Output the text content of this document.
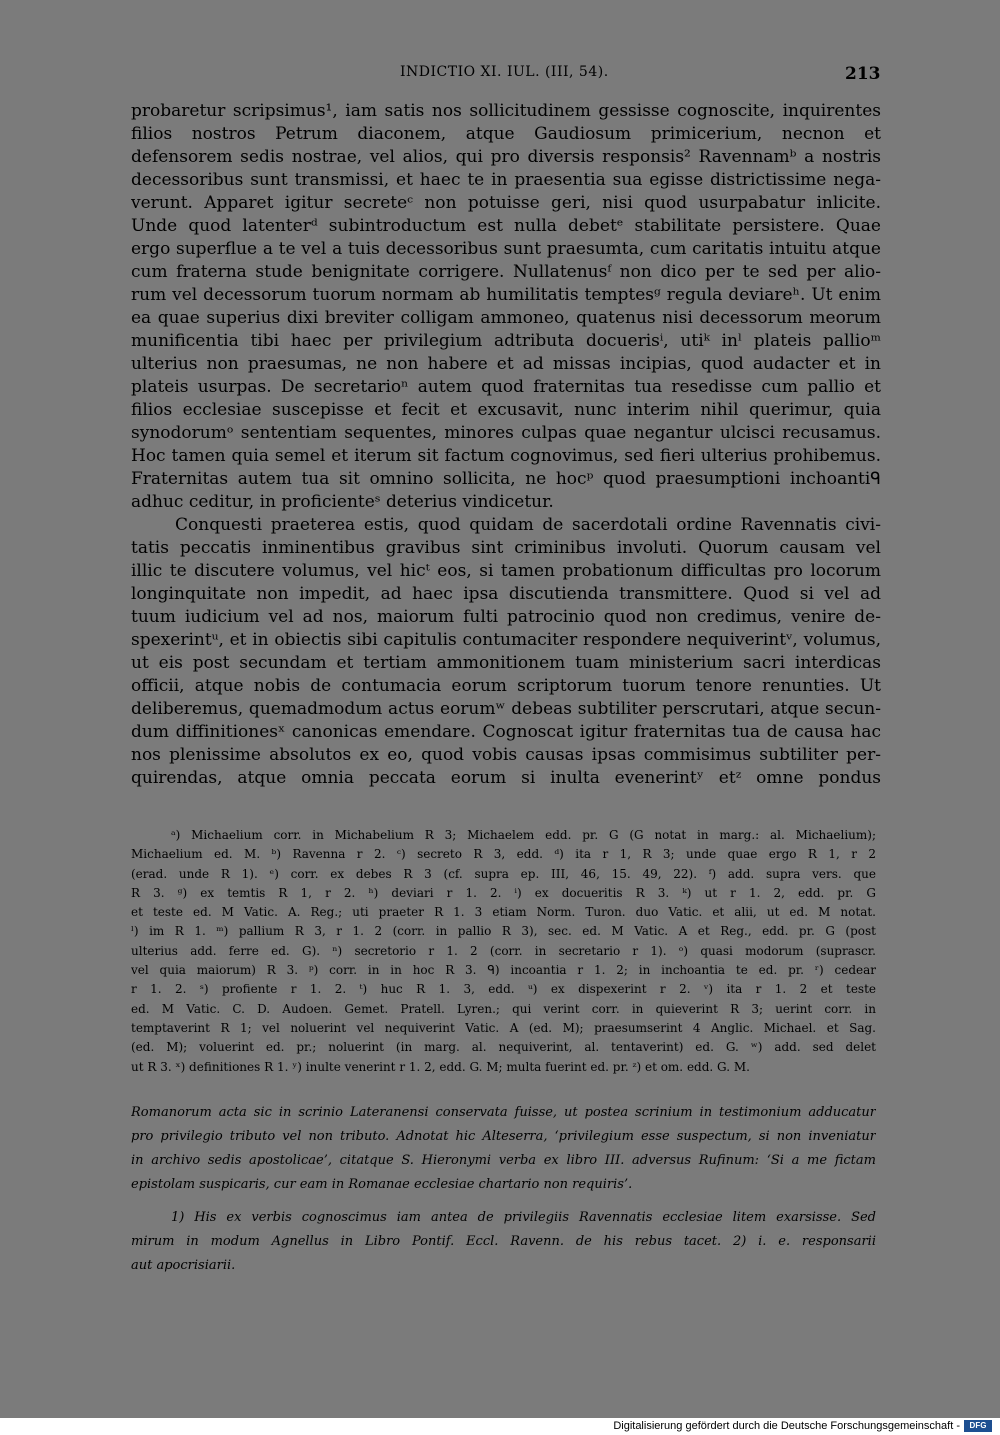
INDICTIO XI. IUL. (III, 54).	213
probaretur scripsimus¹, iam satis nos sollicitudinem gessisse cognoscite, inquirentes
filios nostros Petrum diaconem, atque Gaudiosum primicerium, necnon et
defensorem sedis nostrae, vel alios, qui pro diversis responsis² Ravennamᵇ a nostris
decessoribus sunt transmissi, et haec te in praesentia sua egisse districtissime nega-
verunt. Apparet igitur secreteᶜ non potuisse geri, nisi quod usurpabatur inlicite.
Unde quod latenterᵈ subintroductum est nulla debetᵉ stabilitate persistere. Quae
ergo superflue a te vel a tuis decessoribus sunt praesumta, cum caritatis intuitu atque
cum fraterna stude benignitate corrigere. Nullatenusᶠ non dico per te sed per alio-
rum vel decessorum tuorum normam ab humilitatis temptesᵍ regula deviareʰ. Ut enim
ea quae superius dixi breviter colligam ammoneo, quatenus nisi decessorum meorum
munificentia tibi haec per privilegium adtributa docuerisⁱ, utiᵏ inˡ plateis pallioᵐ
ulterius non praesumas, ne non habere et ad missas incipias, quod audacter et in
plateis usurpas. De secretarioⁿ autem quod fraternitas tua resedisse cum pallio et
filios ecclesiae suscepisse et fecit et excusavit, nunc interim nihil querimur, quia
synodorumᵒ sententiam sequentes, minores culpas quae negantur ulcisci recusamus.
Hoc tamen quia semel et iterum sit factum cognovimus, sed fieri ulterius prohibemus.
Fraternitas autem tua sit omnino sollicita, ne hocᵖ quod praesumptioni inchoantiᑫ
adhuc ceditur, in proficienteˢ deterius vindicetur.
Conquesti praeterea estis, quod quidam de sacerdotali ordine Ravennatis civi-
tatis peccatis inminentibus gravibus sint criminibus involuti. Quorum causam vel
illic te discutere volumus, vel hicᵗ eos, si tamen probationum difficultas pro locorum
longinquitate non impedit, ad haec ipsa discutienda transmittere. Quod si vel ad
tuum iudicium vel ad nos, maiorum fulti patrocinio quod non credimus, venire de-
spexerintᵘ, et in obiectis sibi capitulis contumaciter respondere nequiverintᵛ, volumus,
ut eis post secundam et tertiam ammonitionem tuam ministerium sacri interdicas
officii, atque nobis de contumacia eorum scriptorum tuorum tenore renunties. Ut
deliberemus, quemadmodum actus eorumʷ debeas subtiliter perscrutari, atque secun-
dum diffinitionesˣ canonicas emendare. Cognoscat igitur fraternitas tua de causa hac
nos plenissime absolutos ex eo, quod vobis causas ipsas commisimus subtiliter per-
quirendas, atque omnia peccata eorum si inulta evenerintʸ etᶻ omne pondus
ᵃ) Michaelium corr. in Michabelium R 3; Michaelem edd. pr. G (G notat in marg.: al. Michaelium);
Michaelium ed. M. ᵇ) Ravenna r 2. ᶜ) secreto R 3, edd. ᵈ) ita r 1, R 3; unde quae ergo R 1, r 2
(erad. unde R 1). ᵉ) corr. ex debes R 3 (cf. supra ep. III, 46, 15. 49, 22). ᶠ) add. supra vers. que
R 3. ᵍ) ex temtis R 1, r 2. ʰ) deviari r 1. 2. ⁱ) ex docueritis R 3. ᵏ) ut r 1. 2, edd. pr. G
et teste ed. M Vatic. A. Reg.; uti praeter R 1. 3 etiam Norm. Turon. duo Vatic. et alii, ut ed. M notat.
ˡ) im R 1. ᵐ) pallium R 3, r 1. 2 (corr. in pallio R 3), sec. ed. M Vatic. A et Reg., edd. pr. G (post
ulterius add. ferre ed. G). ⁿ) secretorio r 1. 2 (corr. in secretario r 1). ᵒ) quasi modorum (suprascr.
vel quia maiorum) R 3. ᵖ) corr. in in hoc R 3. ᑫ) incoantia r 1. 2; in inchoantia te ed. pr. ʳ) cedear
r 1. 2. ˢ) profiente r 1. 2. ᵗ) huc R 1. 3, edd. ᵘ) ex dispexerint r 2. ᵛ) ita r 1. 2 et teste
ed. M Vatic. C. D. Audoen. Gemet. Pratell. Lyren.; qui verint corr. in quieverint R 3; uerint corr. in
temptaverint R 1; vel noluerint vel nequiverint Vatic. A (ed. M); praesumserint 4 Anglic. Michael. et Sag.
(ed. M); voluerint ed. pr.; noluerint (in marg. al. nequiverint, al. tentaverint) ed. G. ʷ) add. sed delet
ut R 3. ˣ) definitiones R 1. ʸ) inulte venerint r 1. 2, edd. G. M; multa fuerint ed. pr. ᶻ) et om. edd. G. M.
Romanorum acta sic in scrinio Lateranensi conservata fuisse, ut postea scrinium in testimonium adducatur
pro privilegio tributo vel non tributo. Adnotat hic Alteserra, ‘privilegium esse suspectum, si non inveniatur
in archivo sedis apostolicae’, citatque S. Hieronymi verba ex libro III. adversus Rufinum: ‘Si a me fictam
epistolam suspicaris, cur eam in Romanae ecclesiae chartario non requiris’.
1) His ex verbis cognoscimus iam antea de privilegiis Ravennatis ecclesiae litem exarsisse. Sed
mirum in modum Agnellus in Libro Pontif. Eccl. Ravenn. de his rebus tacet. 2) i. e. responsarii
aut apocrisiarii.
Digitalisierung gefördert durch die Deutsche Forschungsgemeinschaft -	DFG
